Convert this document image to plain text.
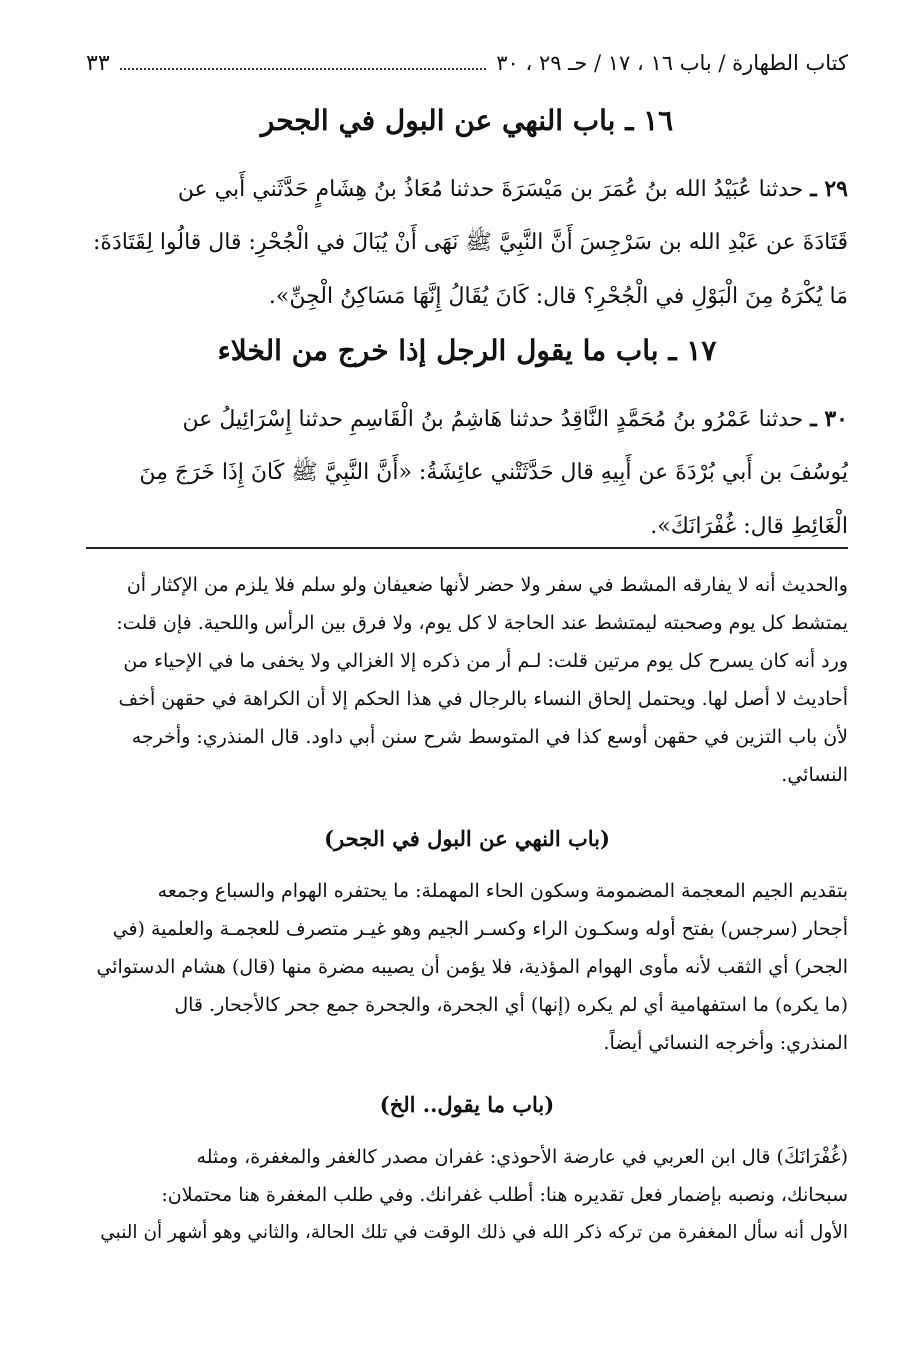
كتاب الطهارة / باب ١٦ ، ١٧ / حـ ٢٩ ، ٣٠
٣٣
١٦ ـ باب النهي عن البول في الجحر
٢٩ ـ حدثنا عُبَيْدُ الله بنُ عُمَرَ بن مَيْسَرَةَ حدثنا مُعَاذُ بنُ هِشَامٍ حَدَّثَني أَبي عن
قَتَادَةَ عن عَبْدِ الله بن سَرْجِسَ أَنَّ النَّبِيَّ ﷺ نَهَى أَنْ يُبَالَ في الْجُحْرِ: قال قالُوا لِقَتَادَةَ:
مَا يُكْرَهُ مِنَ الْبَوْلِ في الْجُحْرِ؟ قال: كَانَ يُقَالُ إِنَّهَا مَسَاكِنُ الْجِنِّ».
١٧ ـ باب ما يقول الرجل إذا خرج من الخلاء
٣٠ ـ حدثنا عَمْرُو بنُ مُحَمَّدٍ النَّاقِدُ حدثنا هَاشِمُ بنُ الْقَاسِمِ حدثنا إِسْرَائِيلُ عن
يُوسُفَ بن أَبي بُرْدَةَ عن أَبِيهِ قال حَدَّثَتْني عائِشَةُ: «أَنَّ النَّبِيَّ ﷺ كَانَ إِذَا خَرَجَ مِنَ
الْغَائِطِ قال: غُفْرَانَكَ».
والحديث أنه لا يفارقه المشط في سفر ولا حضر لأنها ضعيفان ولو سلم فلا يلزم من الإكثار أن
يمتشط كل يوم وصحبته ليمتشط عند الحاجة لا كل يوم، ولا فرق بين الرأس واللحية. فإن قلت:
ورد أنه كان يسرح كل يوم مرتين قلت: لـم أر من ذكره إلا الغزالي ولا يخفى ما في الإحياء من
أحاديث لا أصل لها. ويحتمل إلحاق النساء بالرجال في هذا الحكم إلا أن الكراهة في حقهن أخف
لأن باب التزين في حقهن أوسع كذا في المتوسط شرح سنن أبي داود. قال المنذري: وأخرجه
النسائي.
(باب النهي عن البول في الجحر)
بتقديم الجيم المعجمة المضمومة وسكون الحاء المهملة: ما يحتفره الهوام والسباع وجمعه
أجحار (سرجس) بفتح أوله وسكـون الراء وكسـر الجيم وهو غيـر متصرف للعجمـة والعلمية (في
الجحر) أي الثقب لأنه مأوى الهوام المؤذية، فلا يؤمن أن يصيبه مضرة منها (قال) هشام الدستوائي
(ما يكره) ما استفهامية أي لم يكره (إنها) أي الجحرة، والجحرة جمع جحر كالأجحار. قال
المنذري: وأخرجه النسائي أيضاً.
(باب ما يقول.. الخ)
(غُفْرَانَكَ) قال ابن العربي في عارضة الأحوذي: غفران مصدر كالغفر والمغفرة، ومثله
سبحانك، ونصبه بإضمار فعل تقديره هنا: أطلب غفرانك. وفي طلب المغفرة هنا محتملان:
الأول أنه سأل المغفرة من تركه ذكر الله في ذلك الوقت في تلك الحالة، والثاني وهو أشهر أن النبي
